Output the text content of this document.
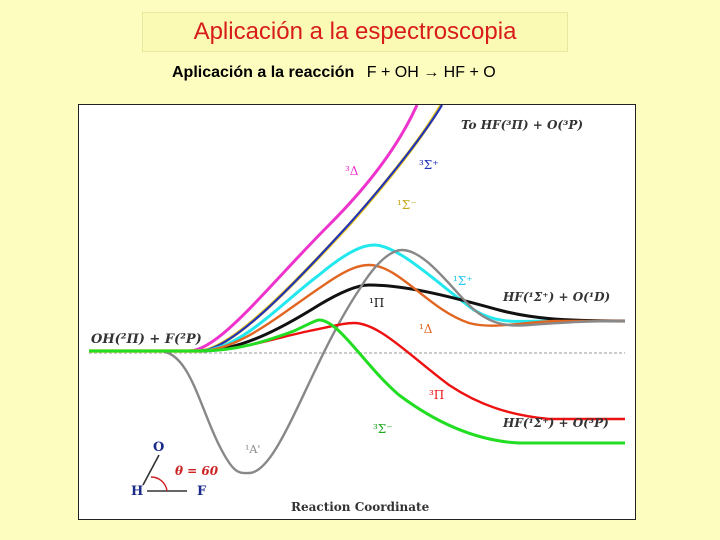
Aplicación a la espectroscopia
Aplicación a la reacción F + OH → HF + O
OH(²Π) + F(²P)
To HF(³Π) + O(³P)
HF(¹Σ⁺) + O(¹D)
HF(¹Σ⁺) + O(³P)
Reaction Coordinate
³Δ	³Σ⁺
¹Σ⁻
¹Σ⁺
¹Π
¹Δ
¹A'
³Π
³Σ⁻
O
H	F
θ = 60
